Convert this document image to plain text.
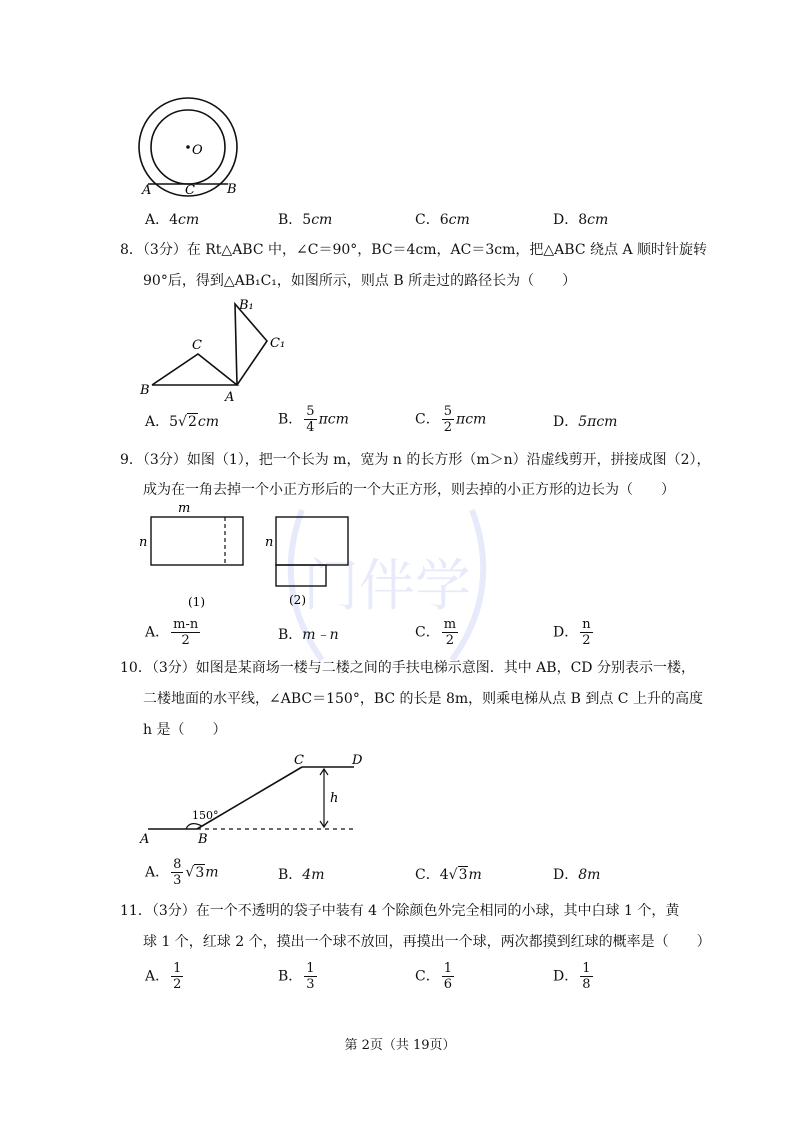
门伴学
O
A	C B
A．4cm	B．5cm	C．6cm	D．8cm
8．（3分）在 Rt△ABC 中，∠C＝90°，BC＝4cm，AC＝3cm，把△ABC 绕点 A 顺时针旋转
90°后，得到△AB₁C₁，如图所示，则点 B 所走过的路径长为（　　）
B
C
A
B₁
C₁
A．5√2cm	B． $\frac{5}{4}$ πcm	C． $\frac{5}{2}$ πcm	D．5πcm
9．（3分）如图（1），把一个长为 m，宽为 n 的长方形（m＞n）沿虚线剪开，拼接成图（2），
成为在一角去掉一个小正方形后的一个大正方形，则去掉的小正方形的边长为（　　）
m
n	n
(1)	(2)
A． $\frac{m-n}{2}$	B．m﹣n	C． $\frac{m}{2}$	D． $\frac{n}{2}$
10．（3分）如图是某商场一楼与二楼之间的手扶电梯示意图．其中 AB，CD 分别表示一楼，
二楼地面的水平线，∠ABC＝150°，BC 的长是 8m，则乘电梯从点 B 到点 C 上升的高度
h 是（　　）
150°
A	B
C	D
h
A． $\frac{8}{3} √3m$	B．4m	C．4√3m	D．8m
11．（3分）在一个不透明的袋子中装有 4 个除颜色外完全相同的小球，其中白球 1 个，黄
球 1 个，红球 2 个，摸出一个球不放回，再摸出一个球，两次都摸到红球的概率是（　　）
A． $\frac{1}{2}$	B． $\frac{1}{3}$	C． $\frac{1}{6}$	D． $\frac{1}{8}$
第 2页（共 19页）
